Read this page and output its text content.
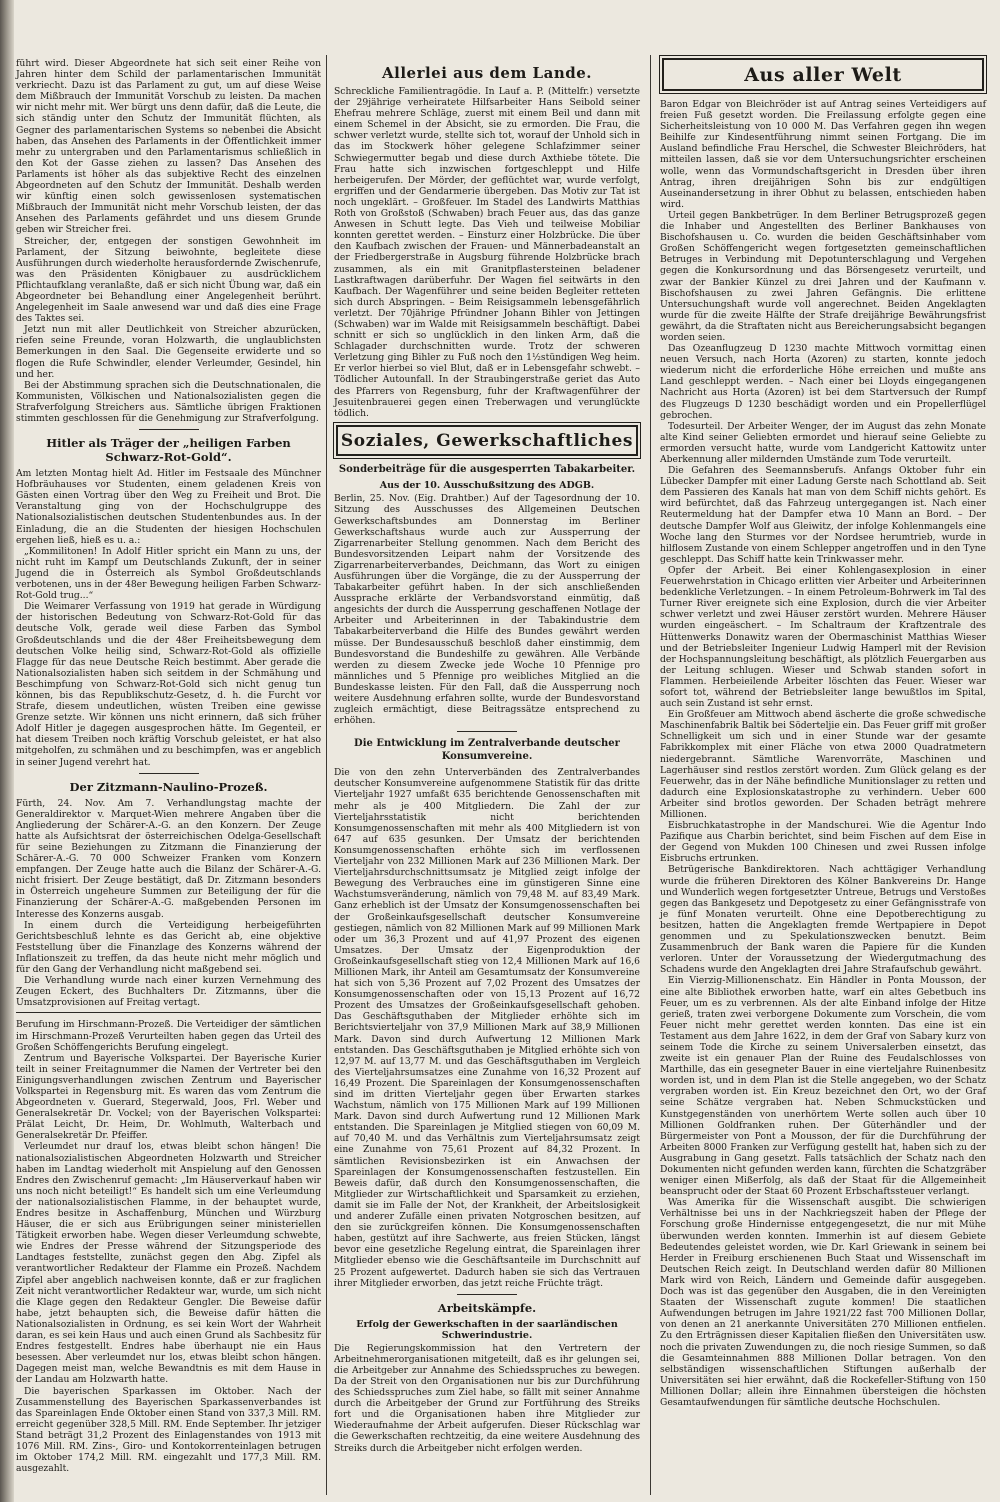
führt wird. Dieser Abgeordnete hat sich seit einer Reihe von Jahren hinter dem Schild der parlamentarischen Immunität verkriecht. Dazu ist das Parlament zu gut, um auf diese Weise dem Mißbrauch der Immunität Vorschub zu leisten. Da machen wir nicht mehr mit. Wer bürgt uns denn dafür, daß die Leute, die sich ständig unter den Schutz der Immunität flüchten, als Gegner des parlamentarischen Systems so nebenbei die Absicht haben, das Ansehen des Parlaments in der Öffentlichkeit immer mehr zu untergraben und den Parlamentarismus schließlich in den Kot der Gasse ziehen zu lassen? Das Ansehen des Parlaments ist höher als das subjektive Recht des einzelnen Abgeordneten auf den Schutz der Immunität. Deshalb werden wir künftig einen solch gewissenlosen systematischen Mißbrauch der Immunität nicht mehr Vorschub leisten, der das Ansehen des Parlaments gefährdet und uns diesem Grunde geben wir Streicher frei.

Streicher, der, entgegen der sonstigen Gewohnheit im Parlament, der Sitzung beiwohnte, begleitete diese Ausführungen durch wiederholte herausfordernde Zwischenrufe, was den Präsidenten Königbauer zu ausdrücklichem Pflichtaufklang veranlaßte, daß er sich nicht Übung war, daß ein Abgeordneter bei Behandlung einer Angelegenheit berührt. Angelegenheit im Saale anwesend war und daß dies eine Frage des Taktes sei.

Jetzt nun mit aller Deutlichkeit von Streicher abzurücken, riefen seine Freunde, voran Holzwarth, die unglaublichsten Bemerkungen in den Saal. Die Gegenseite erwiderte und so flogen die Rufe Schwindler, elender Verleumder, Gesindel, hin und her.

Bei der Abstimmung sprachen sich die Deutschnationalen, die Kommunisten, Völkischen und Nationalsozialisten gegen die Strafverfolgung Streichers aus. Sämtliche übrigen Fraktionen stimmten geschlossen für die Genehmigung zur Strafverfolgung.

Hitler als Träger der „heiligen Farben Schwarz-Rot-Gold“.

Am letzten Montag hielt Ad. Hitler im Festsaale des Münchner Hofbräuhauses vor Studenten, einem geladenen Kreis von Gästen einen Vortrag über den Weg zu Freiheit und Brot. Die Veranstaltung ging von der Hochschulgruppe des Nationalsozialistischen deutschen Studentenbundes aus. In der Einladung, die an die Studenten der hiesigen Hochschulen ergehen ließ, hieß es u. a.:

„Kommilitonen! In Adolf Hitler spricht ein Mann zu uns, der nicht ruht im Kampf um Deutschlands Zukunft, der in seiner Jugend die in Österreich als Symbol Großdeutschlands verbotenen, uns in der 48er Bewegung heiligen Farben Schwarz-Rot-Gold trug...“

Die Weimarer Verfassung von 1919 hat gerade in Würdigung der historischen Bedeutung von Schwarz-Rot-Gold für das deutsche Volk, gerade weil diese Farben das Symbol Großdeutschlands und die der 48er Freiheitsbewegung dem deutschen Volke heilig sind, Schwarz-Rot-Gold als offizielle Flagge für das neue Deutsche Reich bestimmt. Aber gerade die Nationalsozialisten haben sich seitdem in der Schmähung und Beschimpfung von Schwarz-Rot-Gold sich nicht genug tun können, bis das Republikschutz-Gesetz, d. h. die Furcht vor Strafe, diesem undeutlichen, wüsten Treiben eine gewisse Grenze setzte. Wir können uns nicht erinnern, daß sich früher Adolf Hitler je dagegen ausgesprochen hätte. Im Gegenteil, er hat diesem Treiben noch kräftig Vorschub geleistet, er hat also mitgeholfen, zu schmähen und zu beschimpfen, was er angeblich in seiner Jugend verehrt hat.

Der Zitzmann-Naulino-Prozeß.

Fürth, 24. Nov. Am 7. Verhandlungstag machte der Generaldirektor v. Marquet-Wien mehrere Angaben über die Angliederung der Schärer-A.-G. an den Konzern. Der Zeuge hatte als Aufsichtsrat der österreichischen Odelga-Gesellschaft für seine Beziehungen zu Zitzmann die Finanzierung der Schärer-A.-G. 70 000 Schweizer Franken vom Konzern empfangen. Der Zeuge hatte auch die Bilanz der Schärer-A.-G. nicht frisiert. Der Zeuge bestätigt, daß Dr. Zitzmann besonders in Österreich ungeheure Summen zur Beteiligung der für die Finanzierung der Schärer-A.-G. maßgebenden Personen im Interesse des Konzerns ausgab.

In einem durch die Verteidigung herbeigeführten Gerichtsbeschluß lehnte es das Gericht ab, eine objektive Feststellung über die Finanzlage des Konzerns während der Inflationszeit zu treffen, da das heute nicht mehr möglich und für den Gang der Verhandlung nicht maßgebend sei.

Die Verhandlung wurde nach einer kurzen Vernehmung des Zeugen Eckert, des Buchhalters Dr. Zitzmanns, über die Umsatzprovisionen auf Freitag vertagt.

Berufung im Hirschmann-Prozeß. Die Verteidiger der sämtlichen im Hirschmann-Prozeß Verurteilten haben gegen das Urteil des Großen Schöffengerichts Berufung eingelegt.

Zentrum und Bayerische Volkspartei. Der Bayerische Kurier teilt in seiner Freitagnummer die Namen der Vertreter bei den Einigungsverhandlungen zwischen Zentrum und Bayerischer Volkspartei in Regensburg mit. Es waren das vom Zentrum die Abgeordneten v. Guerard, Stegerwald, Joos, Frl. Weber und Generalsekretär Dr. Vockel; von der Bayerischen Volkspartei: Prälat Leicht, Dr. Heim, Dr. Wohlmuth, Walterbach und Generalsekretär Dr. Pfeiffer.

Verleumdet nur drauf los, etwas bleibt schon hängen! Die nationalsozialistischen Abgeordneten Holzwarth und Streicher haben im Landtag wiederholt mit Anspielung auf den Genossen Endres den Zwischenruf gemacht: „Im Häuserverkauf haben wir uns noch nicht beteiligt!“ Es handelt sich um eine Verleumdung der nationalsozialistischen Flamme, in der behauptet wurde, Endres besitze in Aschaffenburg, München und Würzburg Häuser, die er sich aus Erübrigungen seiner ministeriellen Tätigkeit erworben habe. Wegen dieser Verleumdung schwebte, wie Endres der Presse während der Sitzungsperiode des Landtages feststellte, zunächst gegen den Abg. Zipfel als verantwortlicher Redakteur der Flamme ein Prozeß. Nachdem Zipfel aber angeblich nachweisen konnte, daß er zur fraglichen Zeit nicht verantwortlicher Redakteur war, wurde, um sich nicht die Klage gegen den Redakteur Gengler. Die Beweise dafür habe, jetzt behaupten sich, die Beweise dafür hätten die Nationalsozialisten in Ordnung, es sei kein Wort der Wahrheit daran, es sei kein Haus und auch einen Grund als Sachbesitz für Endres festgestellt. Endres habe überhaupt nie ein Haus besessen. Aber verleumdet nur los, etwas bleibt schon hängen. Dagegen meist man, welche Bewandtnis es mit dem Hause in der Landau am Holzwarth hatte.

Die bayerischen Sparkassen im Oktober. Nach der Zusammenstellung des Bayerischen Sparkassenverbandes ist das Spareinlagen Ende Oktober einen Stand von 337,3 Mill. RM. erreicht gegenüber 328,5 Mill. RM. Ende September. Ihr jetziger Stand beträgt 31,2 Prozent des Einlagenstandes von 1913 mit 1076 Mill. RM. Zins-, Giro- und Kontokorrenteinlagen betrugen im Oktober 174,2 Mill. RM. eingezahlt und 177,3 Mill. RM. ausgezahlt.

Allerlei aus dem Lande.

Schreckliche Familientragödie. In Lauf a. P. (Mittelfr.) versetzte der 29jährige verheiratete Hilfsarbeiter Hans Seibold seiner Ehefrau mehrere Schläge, zuerst mit einem Beil und dann mit einem Schemel in der Absicht, sie zu ermorden. Die Frau, die schwer verletzt wurde, stellte sich tot, worauf der Unhold sich in das im Stockwerk höher gelegene Schlafzimmer seiner Schwiegermutter begab und diese durch Axthiebe tötete. Die Frau hatte sich inzwischen fortgeschleppt und Hilfe herbeigerufen. Der Mörder, der geflüchtet war, wurde verfolgt, ergriffen und der Gendarmerie übergeben. Das Motiv zur Tat ist noch ungeklärt. – Großfeuer. Im Stadel des Landwirts Matthias Roth von Großstoß (Schwaben) brach Feuer aus, das das ganze Anwesen in Schutt legte. Das Vieh und teilweise Mobiliar konnten gerettet werden. – Einsturz einer Holzbrücke. Die über den Kaufbach zwischen der Frauen- und Männerbadeanstalt an der Friedbergerstraße in Augsburg führende Holzbrücke brach zusammen, als ein mit Granitpflastersteinen beladener Lastkraftwagen darüberfuhr. Der Wagen fiel seitwärts in den Kaufbach. Der Wagenführer und seine beiden Begleiter retteten sich durch Abspringen. – Beim Reisigsammeln lebensgefährlich verletzt. Der 70jährige Pfründner Johann Bihler von Jettingen (Schwaben) war im Walde mit Reisigsammeln beschäftigt. Dabei schnitt er sich so unglücklich in den linken Arm, daß die Schlagader durchschnitten wurde. Trotz der schweren Verletzung ging Bihler zu Fuß noch den 1½stündigen Weg heim. Er verlor hierbei so viel Blut, daß er in Lebensgefahr schwebt. – Tödlicher Autounfall. In der Straubingerstraße geriet das Auto des Pfarrers von Regensburg, fuhr der Kraftwagenführer der Jesuitenbrauerei gegen einen Treberwagen und verunglückte tödlich.

Soziales, Gewerkschaftliches
Sonderbeiträge für die ausgesperrten Tabakarbeiter.
Aus der 10. Ausschußsitzung des ADGB.

Berlin, 25. Nov. (Eig. Drahtber.) Auf der Tagesordnung der 10. Sitzung des Ausschusses des Allgemeinen Deutschen Gewerkschaftsbundes am Donnerstag im Berliner Gewerkschaftshaus wurde auch zur Aussperrung der Zigarrenarbeiter Stellung genommen. Nach dem Bericht des Bundesvorsitzenden Leipart nahm der Vorsitzende des Zigarrenarbeiterverbandes, Deichmann, das Wort zu einigen Ausführungen über die Vorgänge, die zu der Aussperrung der Tabakarbeiter geführt haben. In der sich anschließenden Aussprache erklärte der Verbandsvorstand einmütig, daß angesichts der durch die Aussperrung geschaffenen Notlage der Arbeiter und Arbeiterinnen in der Tabakindustrie dem Tabakarbeiterverband die Hilfe des Bundes gewährt werden müsse. Der Bundesausschuß beschloß daher einstimmig, dem Bundesvorstand die Bundeshilfe zu gewähren. Alle Verbände werden zu diesem Zwecke jede Woche 10 Pfennige pro männliches und 5 Pfennige pro weibliches Mitglied an die Bundeskasse leisten. Für den Fall, daß die Aussperrung noch weitere Ausdehnung erfahren sollte, wurde der Bundesvorstand zugleich ermächtigt, diese Beitragssätze entsprechend zu erhöhen.

Die Entwicklung im Zentralverbande deutscher Konsumvereine.

Die von den zehn Unterverbänden des Zentralverbandes deutscher Konsumvereine aufgenommene Statistik für das dritte Vierteljahr 1927 umfaßt 635 berichtende Genossenschaften mit mehr als je 400 Mitgliedern. Die Zahl der zur Vierteljahrsstatistik nicht berichtenden Konsumgenossenschaften mit mehr als 400 Mitgliedern ist von 647 auf 635 gesunken. Der Umsatz der berichtenden Konsumgenossenschaften erhöhte sich im verflossenen Vierteljahr von 232 Millionen Mark auf 236 Millionen Mark. Der Vierteljahrsdurchschnittsumsatz je Mitglied zeigt infolge der Bewegung des Verbrauches eine im günstigeren Sinne eine Wachstumsveränderung, nämlich von 79,48 M. auf 83,49 Mark. Ganz erheblich ist der Umsatz der Konsumgenossenschaften bei der Großeinkaufsgesellschaft deutscher Konsumvereine gestiegen, nämlich von 82 Millionen Mark auf 99 Millionen Mark oder um 36,3 Prozent und auf 41,97 Prozent des eigenen Umsatzes. Der Umsatz der Eigenproduktion der Großeinkaufsgesellschaft stieg von 12,4 Millionen Mark auf 16,6 Millionen Mark, ihr Anteil am Gesamtumsatz der Konsumvereine hat sich von 5,36 Prozent auf 7,02 Prozent des Umsatzes der Konsumgenossenschaften oder von 15,13 Prozent auf 16,72 Prozent des Umsatzes der Großeinkaufsgesellschaft gehoben. Das Geschäftsguthaben der Mitglieder erhöhte sich im Berichtsvierteljahr von 37,9 Millionen Mark auf 38,9 Millionen Mark. Davon sind durch Aufwertung 12 Millionen Mark entstanden. Das Geschäftsguthaben je Mitglied erhöhte sich von 12,97 M. auf 13,77 M. und das Geschäftsguthaben im Vergleich des Vierteljahrsumsatzes eine Zunahme von 16,32 Prozent auf 16,49 Prozent. Die Spareinlagen der Konsumgenossenschaften sind im dritten Vierteljahr gegen über Erwarten starkes Wachstum, nämlich von 175 Millionen Mark auf 199 Millionen Mark. Davon sind durch Aufwertung rund 12 Millionen Mark entstanden. Die Spareinlagen je Mitglied stiegen von 60,09 M. auf 70,40 M. und das Verhältnis zum Vierteljahrsumsatz zeigt eine Zunahme von 75,61 Prozent auf 84,32 Prozent. In sämtlichen Revisionsbezirken ist ein Anwachsen der Spareinlagen der Konsumgenossenschaften festzustellen. Ein Beweis dafür, daß durch den Konsumgenossenschaften, die Mitglieder zur Wirtschaftlichkeit und Sparsamkeit zu erziehen, damit sie im Falle der Not, der Krankheit, der Arbeitslosigkeit und anderer Zufälle einen privaten Notgroschen besitzen, auf den sie zurückgreifen können. Die Konsumgenossenschaften haben, gestützt auf ihre Sachwerte, aus freien Stücken, längst bevor eine gesetzliche Regelung eintrat, die Spareinlagen ihrer Mitglieder ebenso wie die Geschäftsanteile im Durchschnitt auf 25 Prozent aufgewertet. Dadurch haben sie sich das Vertrauen ihrer Mitglieder erworben, das jetzt reiche Früchte trägt.

Arbeitskämpfe.
Erfolg der Gewerkschaften in der saarländischen Schwerindustrie.

Die Regierungskommission hat den Vertretern der Arbeitnehmerorganisationen mitgeteilt, daß es ihr gelungen sei, die Arbeitgeber zur Annahme des Schiedsspruches zu bewegen. Da der Streit von den Organisationen nur bis zur Durchführung des Schiedsspruches zum Ziel habe, so fällt mit seiner Annahme durch die Arbeitgeber der Grund zur Fortführung des Streiks fort und die Organisationen haben ihre Mitglieder zur Wiederaufnahme der Arbeit aufgerufen. Dieser Rückschlag war die Gewerkschaften rechtzeitig, da eine weitere Ausdehnung des Streiks durch die Arbeitgeber nicht erfolgen werden.

Aus aller Welt

Baron Edgar von Bleichröder ist auf Antrag seines Verteidigers auf freien Fuß gesetzt worden. Die Freilassung erfolgte gegen eine Sicherheitsleistung von 10 000 M. Das Verfahren gegen ihn wegen Beihilfe zur Kindesentführung nimmt seinen Fortgang. Die im Ausland befindliche Frau Herschel, die Schwester Bleichröders, hat mitteilen lassen, daß sie vor dem Untersuchungsrichter erscheinen wolle, wenn das Vormundschaftsgericht in Dresden über ihren Antrag, ihren dreijährigen Sohn bis zur endgültigen Auseinandersetzung in ihrer Obhut zu belassen, entschieden haben wird.

Urteil gegen Bankbetrüger. In dem Berliner Betrugsprozeß gegen die Inhaber und Angestellten des Berliner Bankhauses von Bischofshausen u. Co. wurden die beiden Geschäftsinhaber vom Großen Schöffengericht wegen fortgesetzten gemeinschaftlichen Betruges in Verbindung mit Depotunterschlagung und Vergehen gegen die Konkursordnung und das Börsengesetz verurteilt, und zwar der Bankier Künzel zu drei Jahren und der Kaufmann v. Bischofshausen zu zwei Jahren Gefängnis. Die erlittene Untersuchungshaft wurde voll angerechnet. Beiden Angeklagten wurde für die zweite Hälfte der Strafe dreijährige Bewährungsfrist gewährt, da die Straftaten nicht aus Bereicherungsabsicht begangen worden seien.

Das Ozeanflugzeug D 1230 machte Mittwoch vormittag einen neuen Versuch, nach Horta (Azoren) zu starten, konnte jedoch wiederum nicht die erforderliche Höhe erreichen und mußte ans Land geschleppt werden. – Nach einer bei Lloyds eingegangenen Nachricht aus Horta (Azoren) ist bei dem Startversuch der Rumpf des Flugzeugs D 1230 beschädigt worden und ein Propellerflügel gebrochen.

Todesurteil. Der Arbeiter Wenger, der im August das zehn Monate alte Kind seiner Geliebten ermordet und hierauf seine Geliebte zu ermorden versucht hatte, wurde vom Landgericht Kattowitz unter Aberkennung aller mildernden Umstände zum Tode verurteilt.

Die Gefahren des Seemannsberufs. Anfangs Oktober fuhr ein Lübecker Dampfer mit einer Ladung Gerste nach Schottland ab. Seit dem Passieren des Kanals hat man von dem Schiff nichts gehört. Es wird befürchtet, daß das Fahrzeug untergegangen ist. Nach einer Reutermeldung hat der Dampfer etwa 10 Mann an Bord. – Der deutsche Dampfer Wolf aus Gleiwitz, der infolge Kohlenmangels eine Woche lang den Sturmes vor der Nordsee herumtrieb, wurde in hilflosem Zustande von einem Schlepper angetroffen und in den Tyne geschleppt. Das Schiff hatte kein Trinkwasser mehr.

Opfer der Arbeit. Bei einer Kohlengasexplosion in einer Feuerwehrstation in Chicago erlitten vier Arbeiter und Arbeiterinnen bedenkliche Verletzungen. – In einem Petroleum-Bohrwerk im Tal des Turner River ereignete sich eine Explosion, durch die vier Arbeiter schwer verletzt und zwei Häuser zerstört wurden. Mehrere Häuser wurden eingeäschert. – Im Schaltraum der Kraftzentrale des Hüttenwerks Donawitz waren der Obermaschinist Matthias Wieser und der Betriebsleiter Ingenieur Ludwig Hamperl mit der Revision der Hochspannungsleitung beschäftigt, als plötzlich Feuergarben aus der Leitung schlugen. Wieser und Schwab standen sofort in Flammen. Herbeieilende Arbeiter löschten das Feuer. Wieser war sofort tot, während der Betriebsleiter lange bewußtlos im Spital, auch sein Zustand ist sehr ernst.

Ein Großfeuer am Mittwoch abend äscherte die große schwedische Maschinenfabrik Baltik bei Söderteljie ein. Das Feuer griff mit großer Schnelligkeit um sich und in einer Stunde war der gesamte Fabrikkomplex mit einer Fläche von etwa 2000 Quadratmetern niedergebrannt. Sämtliche Warenvorräte, Maschinen und Lagerhäuser sind restlos zerstört worden. Zum Glück gelang es der Feuerwehr, das in der Nähe befindliche Munitionslager zu retten und dadurch eine Explosionskatastrophe zu verhindern. Ueber 600 Arbeiter sind brotlos geworden. Der Schaden beträgt mehrere Millionen.

Eisbruchkatastrophe in der Mandschurei. Wie die Agentur Indo Pazifique aus Charbin berichtet, sind beim Fischen auf dem Eise in der Gegend von Mukden 100 Chinesen und zwei Russen infolge Eisbruchs ertrunken.

Betrügerische Bankdirektoren. Nach achttägiger Verhandlung wurde die früheren Direktoren des Kölner Bankvereins Dr. Hange und Wunderlich wegen fortgesetzter Untreue, Betrugs und Verstoßes gegen das Bankgesetz und Depotgesetz zu einer Gefängnisstrafe von je fünf Monaten verurteilt. Ohne eine Depotberechtigung zu besitzen, hatten die Angeklagten fremde Wertpapiere in Depot genommen und zu Spekulationszwecken benutzt. Beim Zusammenbruch der Bank waren die Papiere für die Kunden verloren. Unter der Voraussetzung der Wiedergutmachung des Schadens wurde den Angeklagten drei Jahre Strafaufschub gewährt.

Ein Vierzig-Millionenschatz. Ein Händler in Ponta Mousson, der eine alte Bibliothek erworben hatte, warf ein altes Gebetbuch ins Feuer, um es zu verbrennen. Als der alte Einband infolge der Hitze gerieß, traten zwei verborgene Dokumente zum Vorschein, die vom Feuer nicht mehr gerettet werden konnten. Das eine ist ein Testament aus dem Jahre 1622, in dem der Graf von Sabary kurz von seinem Tode die Kirche zu seinem Universalerben einsetzt, das zweite ist ein genauer Plan der Ruine des Feudalschlosses von Marthille, das ein gesegneter Bauer in eine vierteljahre Ruinenbesitz worden ist, und in dem Plan ist die Stelle angegeben, wo der Schatz vergraben worden ist. Ein Kreuz bezeichnet den Ort, wo der Graf seine Schätze vergraben hat. Neben Schmuckstücken und Kunstgegenständen von unerhörtem Werte sollen auch über 10 Millionen Goldfranken ruhen. Der Güterhändler und der Bürgermeister von Pont a Mousson, der für die Durchführung der Arbeiten 8000 Franken zur Verfügung gestellt hat, haben sich zu der Ausgrabung in Gang gesetzt. Falls tatsächlich der Schatz nach den Dokumenten nicht gefunden werden kann, fürchten die Schatzgräber weniger einen Mißerfolg, als daß der Staat für die Allgemeinheit beansprucht oder der Staat 60 Prozent Erbschaftssteuer verlangt.

Was Amerika für die Wissenschaft ausgibt. Die schwierigen Verhältnisse bei uns in der Nachkriegszeit haben der Pflege der Forschung große Hindernisse entgegengesetzt, die nur mit Mühe überwunden werden konnten. Immerhin ist auf diesem Gebiete Bedeutendes geleistet worden, wie Dr. Karl Griewank in seinem bei Herder in Freiburg erschienenen Buch Staat und Wissenschaft im Deutschen Reich zeigt. In Deutschland werden dafür 80 Millionen Mark wird von Reich, Ländern und Gemeinde dafür ausgegeben. Doch was ist das gegenüber den Ausgaben, die in den Vereinigten Staaten der Wissenschaft zugute kommen! Die staatlichen Aufwendungen betrugen im Jahre 1921/22 fast 700 Millionen Dollar, von denen an 21 anerkannte Universitäten 270 Millionen entfielen. Zu den Erträgnissen dieser Kapitalien fließen den Universitäten usw. noch die privaten Zuwendungen zu, die noch riesige Summen, so daß die Gesamteinnahmen 888 Millionen Dollar betragen. Von den selbständigen wissenschaftlichen Stiftungen außerhalb der Universitäten sei hier erwähnt, daß die Rockefeller-Stiftung von 150 Millionen Dollar; allein ihre Einnahmen übersteigen die höchsten Gesamtaufwendungen für sämtliche deutsche Hochschulen.
